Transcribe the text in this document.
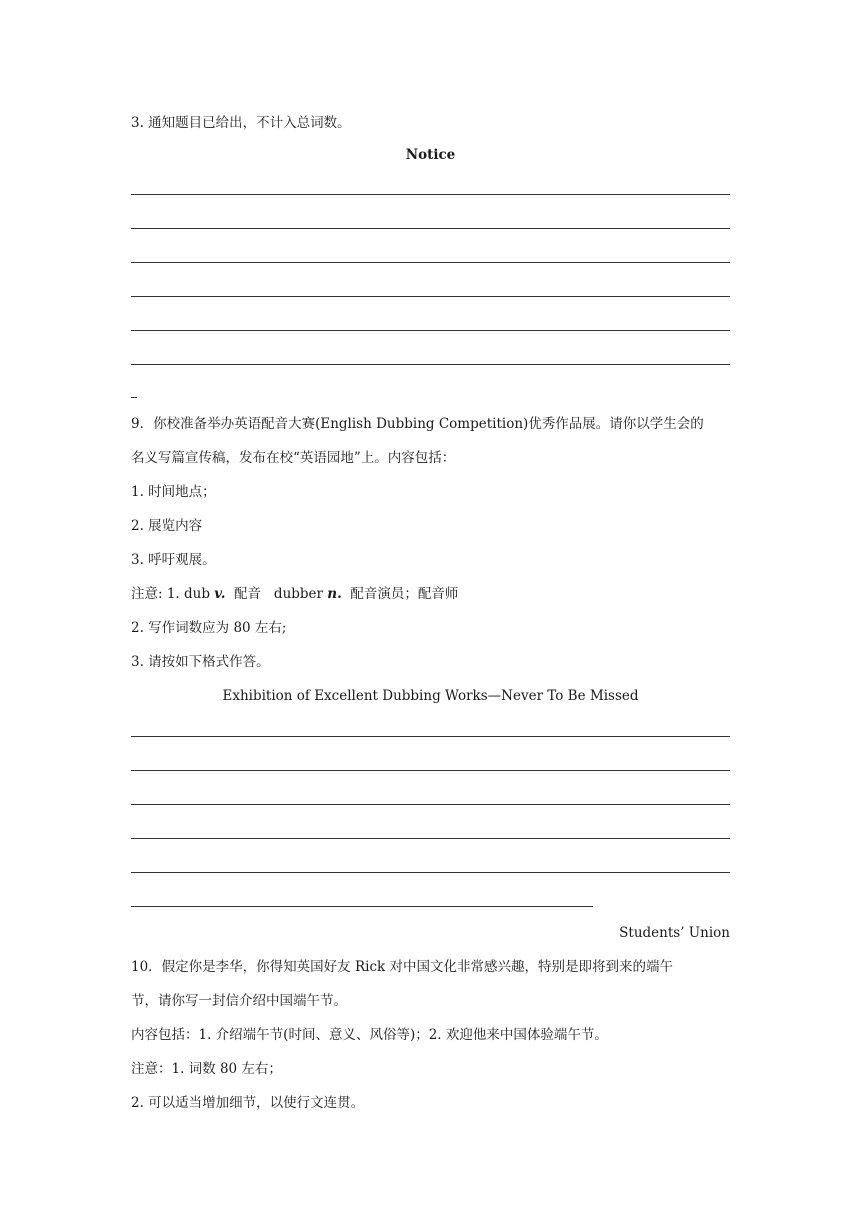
3. 通知题目已给出，不计入总词数。
Notice
9．你校准备举办英语配音大赛(English Dubbing Competition)优秀作品展。请你以学生会的
名义写篇宣传稿，发布在校“英语园地”上。内容包括：
1. 时间地点；
2. 展览内容
3. 呼吁观展。
注意: 1. dub v.  配音   dubber n.  配音演员；配音师
2. 写作词数应为 80 左右;
3. 请按如下格式作答。
Exhibition of Excellent Dubbing Works—Never To Be Missed
Students’ Union
10．假定你是李华，你得知英国好友 Rick 对中国文化非常感兴趣，特别是即将到来的端午
节，请你写一封信介绍中国端午节。
内容包括：1. 介绍端午节(时间、意义、风俗等)；2. 欢迎他来中国体验端午节。
注意：1. 词数 80 左右；
2. 可以适当增加细节，以使行文连贯。
